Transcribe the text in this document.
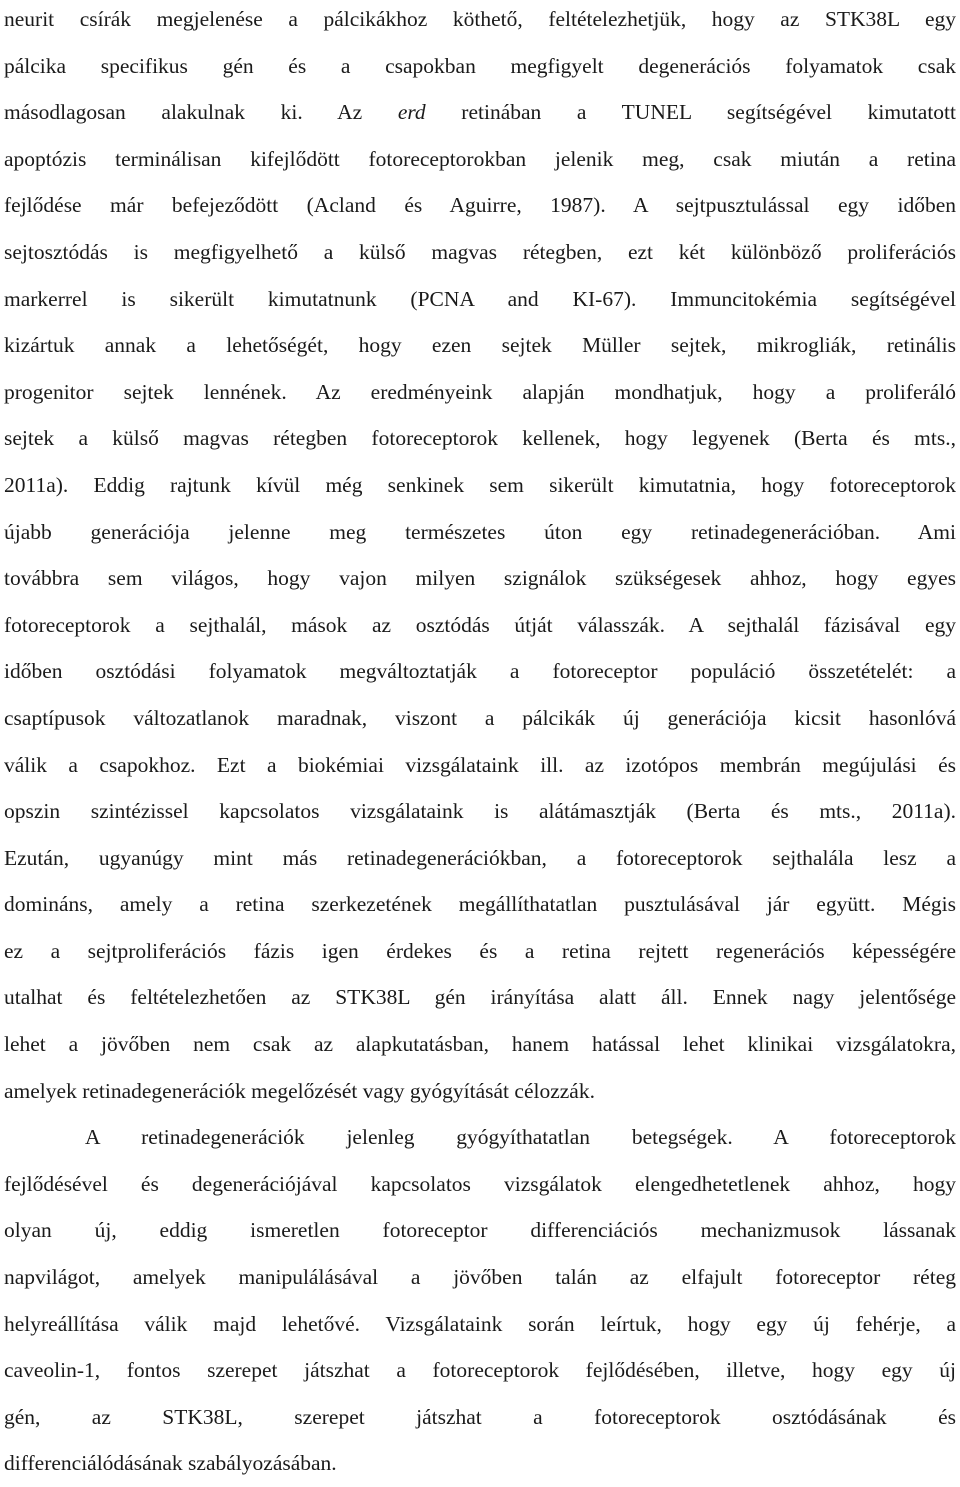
neurit csírák megjelenése a pálcikákhoz köthető, feltételezhetjük, hogy az STK38L egy
pálcika specifikus gén és a csapokban megfigyelt degenerációs folyamatok csak
másodlagosan alakulnak ki. Az erd retinában a TUNEL segítségével kimutatott
apoptózis terminálisan kifejlődött fotoreceptorokban jelenik meg, csak miután a retina
fejlődése már befejeződött (Acland és Aguirre, 1987). A sejtpusztulással egy időben
sejtosztódás is megfigyelhető a külső magvas rétegben, ezt két különböző proliferációs
markerrel is sikerült kimutatnunk (PCNA and KI-67). Immuncitokémia segítségével
kizártuk annak a lehetőségét, hogy ezen sejtek Müller sejtek, mikrogliák, retinális
progenitor sejtek lennének. Az eredményeink alapján mondhatjuk, hogy a proliferáló
sejtek a külső magvas rétegben fotoreceptorok kellenek, hogy legyenek (Berta és mts.,
2011a). Eddig rajtunk kívül még senkinek sem sikerült kimutatnia, hogy fotoreceptorok
újabb generációja jelenne meg természetes úton egy retinadegenerációban. Ami
továbbra sem világos, hogy vajon milyen szignálok szükségesek ahhoz, hogy egyes
fotoreceptorok a sejthalál, mások az osztódás útját válasszák. A sejthalál fázisával egy
időben osztódási folyamatok megváltoztatják a fotoreceptor populáció összetételét: a
csaptípusok változatlanok maradnak, viszont a pálcikák új generációja kicsit hasonlóvá
válik a csapokhoz. Ezt a biokémiai vizsgálataink ill. az izotópos membrán megújulási és
opszin szintézissel kapcsolatos vizsgálataink is alátámasztják (Berta és mts., 2011a).
Ezután, ugyanúgy mint más retinadegenerációkban, a fotoreceptorok sejthalála lesz a
domináns, amely a retina szerkezetének megállíthatatlan pusztulásával jár együtt. Mégis
ez a sejtproliferációs fázis igen érdekes és a retina rejtett regenerációs képességére
utalhat és feltételezhetően az STK38L gén irányítása alatt áll. Ennek nagy jelentősége
lehet a jövőben nem csak az alapkutatásban, hanem hatással lehet klinikai vizsgálatokra,
amelyek retinadegenerációk megelőzését vagy gyógyítását célozzák.
A retinadegenerációk jelenleg gyógyíthatatlan betegségek. A fotoreceptorok
fejlődésével és degenerációjával kapcsolatos vizsgálatok elengedhetetlenek ahhoz, hogy
olyan új, eddig ismeretlen fotoreceptor differenciációs mechanizmusok lássanak
napvilágot, amelyek manipulálásával a jövőben talán az elfajult fotoreceptor réteg
helyreállítása válik majd lehetővé. Vizsgálataink során leírtuk, hogy egy új fehérje, a
caveolin-1, fontos szerepet játszhat a fotoreceptorok fejlődésében, illetve, hogy egy új
gén, az STK38L, szerepet játszhat a fotoreceptorok osztódásának és
differenciálódásának szabályozásában.
